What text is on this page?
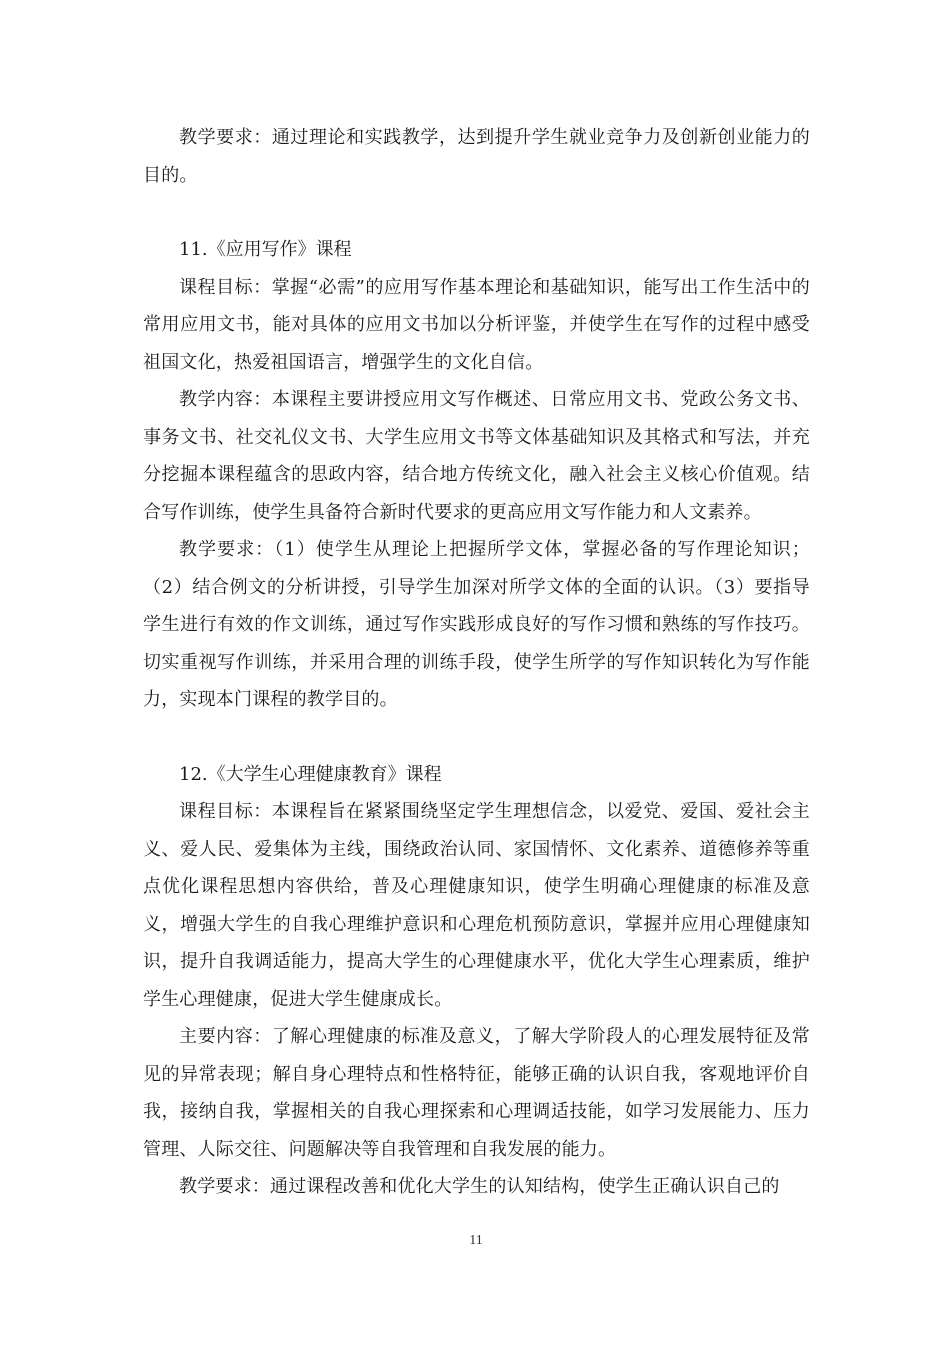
教学要求：通过理论和实践教学，达到提升学生就业竞争力及创新创业能力的目的。

11.《应用写作》课程

课程目标：掌握“必需”的应用写作基本理论和基础知识，能写出工作生活中的常用应用文书，能对具体的应用文书加以分析评鉴，并使学生在写作的过程中感受祖国文化，热爱祖国语言，增强学生的文化自信。

教学内容：本课程主要讲授应用文写作概述、日常应用文书、党政公务文书、事务文书、社交礼仪文书、大学生应用文书等文体基础知识及其格式和写法，并充分挖掘本课程蕴含的思政内容，结合地方传统文化，融入社会主义核心价值观。结合写作训练，使学生具备符合新时代要求的更高应用文写作能力和人文素养。

教学要求：（1）使学生从理论上把握所学文体，掌握必备的写作理论知识；（2）结合例文的分析讲授，引导学生加深对所学文体的全面的认识。（3）要指导学生进行有效的作文训练，通过写作实践形成良好的写作习惯和熟练的写作技巧。切实重视写作训练，并采用合理的训练手段，使学生所学的写作知识转化为写作能力，实现本门课程的教学目的。

12.《大学生心理健康教育》课程

课程目标：本课程旨在紧紧围绕坚定学生理想信念，以爱党、爱国、爱社会主义、爱人民、爱集体为主线，围绕政治认同、家国情怀、文化素养、道德修养等重点优化课程思想内容供给，普及心理健康知识，使学生明确心理健康的标准及意义，增强大学生的自我心理维护意识和心理危机预防意识，掌握并应用心理健康知识，提升自我调适能力，提高大学生的心理健康水平，优化大学生心理素质，维护学生心理健康，促进大学生健康成长。

主要内容：了解心理健康的标准及意义，了解大学阶段人的心理发展特征及常见的异常表现；解自身心理特点和性格特征，能够正确的认识自我，客观地评价自我，接纳自我，掌握相关的自我心理探索和心理调适技能，如学习发展能力、压力管理、人际交往、问题解决等自我管理和自我发展的能力。

教学要求：通过课程改善和优化大学生的认知结构，使学生正确认识自己的

11
